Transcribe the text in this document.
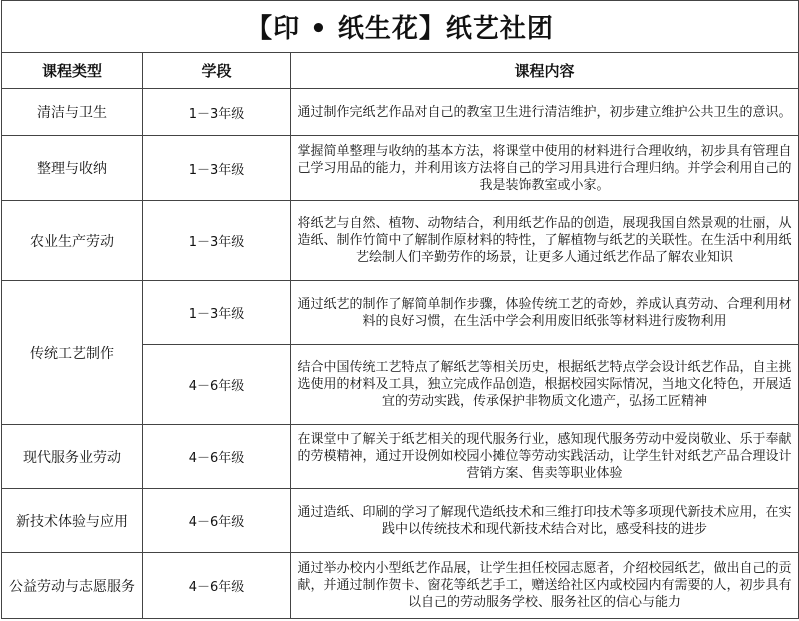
【印 • 纸生花】纸艺社团		
课程类型	学段	课程内容
清洁与卫生	1－3年级	通过制作完纸艺作品对自己的教室卫生进行清洁维护，初步建立维护公共卫生的意识。
整理与收纳	1－3年级	掌握简单整理与收纳的基本方法，将课堂中使用的材料进行合理收纳，初步具有管理自己学习用品的能力，并利用该方法将自己的学习用具进行合理归纳。并学会利用自己的我是装饰教室或小家。
农业生产劳动	1－3年级	将纸艺与自然、植物、动物结合，利用纸艺作品的创造，展现我国自然景观的壮丽，从造纸、制作竹简中了解制作原材料的特性，了解植物与纸艺的关联性。在生活中利用纸艺绘制人们辛勤劳作的场景，让更多人通过纸艺作品了解农业知识
传统工艺制作	1－3年级	通过纸艺的制作了解简单制作步骤，体验传统工艺的奇妙，养成认真劳动、合理利用材料的良好习惯，在生活中学会利用废旧纸张等材料进行废物利用
	4－6年级	结合中国传统工艺特点了解纸艺等相关历史，根据纸艺特点学会设计纸艺作品，自主挑选使用的材料及工具，独立完成作品创造，根据校园实际情况，当地文化特色，开展适宜的劳动实践，传承保护非物质文化遗产，弘扬工匠精神
现代服务业劳动	4－6年级	在课堂中了解关于纸艺相关的现代服务行业，感知现代服务劳动中爱岗敬业、乐于奉献的劳模精神，通过开设例如校园小摊位等劳动实践活动，让学生针对纸艺产品合理设计营销方案、售卖等职业体验
新技术体验与应用	4－6年级	通过造纸、印刷的学习了解现代造纸技术和三维打印技术等多项现代新技术应用，在实践中以传统技术和现代新技术结合对比，感受科技的进步
公益劳动与志愿服务	4－6年级	通过举办校内小型纸艺作品展，让学生担任校园志愿者，介绍校园纸艺，做出自己的贡献，并通过制作贺卡、窗花等纸艺手工，赠送给社区内或校园内有需要的人，初步具有以自己的劳动服务学校、服务社区的信心与能力
